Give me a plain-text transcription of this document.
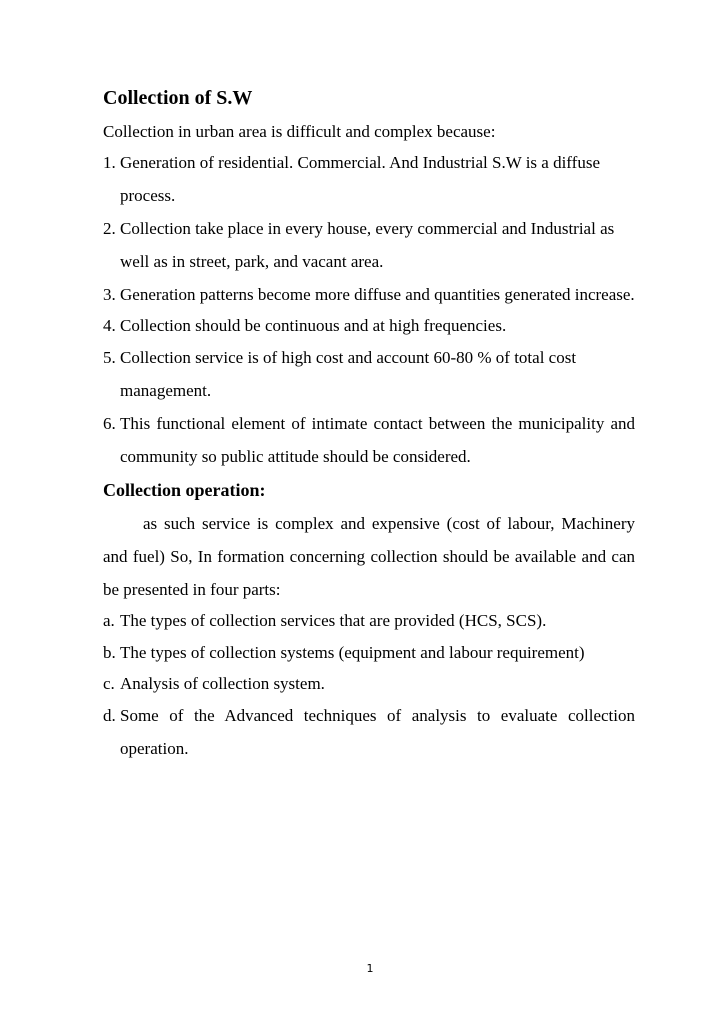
Collection of S.W

Collection in urban area is difficult and complex because:

1. Generation of residential. Commercial. And Industrial S.W is a diffuse process.
2. Collection take place in every house, every commercial and Industrial as well as in street, park, and vacant area.
3. Generation patterns become more diffuse and quantities generated increase.
4. Collection should be continuous and at high frequencies.
5. Collection service is of high cost and account 60-80 % of total cost management.
6. This functional element of intimate contact between the municipality and community so public attitude should be considered.
Collection operation:

as such service is complex and expensive (cost of labour, Machinery and fuel) So, In formation concerning collection should be available and can be presented in four parts:

a. The types of collection services that are provided (HCS, SCS).
b. The types of collection systems (equipment and labour requirement)
c. Analysis of collection system.
d. Some of the Advanced techniques of analysis to evaluate collection operation.
1
